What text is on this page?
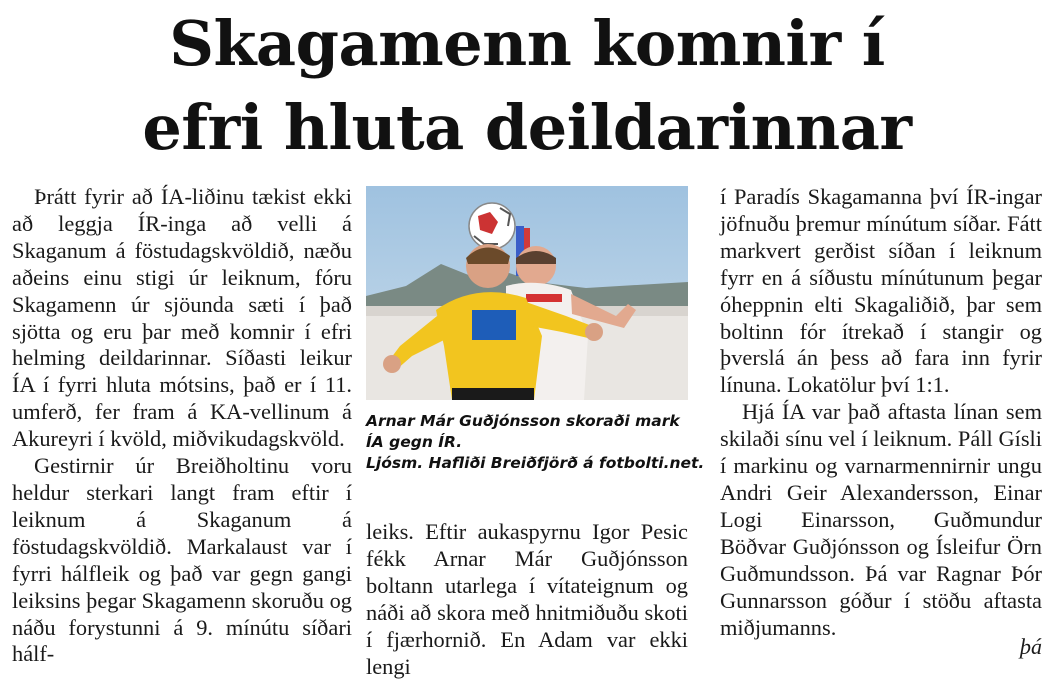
Skagamenn komnir í
efri hluta deildarinnar

Þrátt fyrir að ÍA-liðinu tækist ekki að leggja ÍR-inga að velli á Skaganum á föstudagskvöldið, næðu aðeins einu stigi úr leiknum, fóru Skagamenn úr sjöunda sæti í það sjötta og eru þar með komnir í efri helming deildarinnar. Síðasti leikur ÍA í fyrri hluta mótsins, það er í 11. umferð, fer fram á KA-vellinum á Akureyri í kvöld, miðvikudagskvöld.

Gestirnir úr Breiðholtinu voru heldur sterkari langt fram eftir í leiknum á Skaganum á föstudagskvöldið. Markalaust var í fyrri hálfleik og það var gegn gangi leiksins þegar Skagamenn skoruðu og náðu forystunni á 9. mínútu síðari hálf-

Arnar Már Guðjónsson skoraði mark
ÍA gegn ÍR.
Ljósm. Hafliði Breiðfjörð á fotbolti.net.

leiks. Eftir aukaspyrnu Igor Pesic fékk Arnar Már Guðjónsson boltann utarlega í vítateignum og náði að skora með hnitmiðuðu skoti í fjærhornið. En Adam var ekki lengi

í Paradís Skagamanna því ÍR-ingar jöfnuðu þremur mínútum síðar. Fátt markvert gerðist síðan í leiknum fyrr en á síðustu mínútunum þegar óheppnin elti Skagaliðið, þar sem boltinn fór ítrekað í stangir og þverslá án þess að fara inn fyrir línuna. Lokatölur því 1:1.

Hjá ÍA var það aftasta línan sem skilaði sínu vel í leiknum. Páll Gísli í markinu og varnarmennirnir ungu Andri Geir Alexandersson, Einar Logi Einarsson, Guðmundur Böðvar Guðjónsson og Ísleifur Örn Guðmundsson. Þá var Ragnar Þór Gunnarsson góður í stöðu aftasta miðjumanns.

þá
